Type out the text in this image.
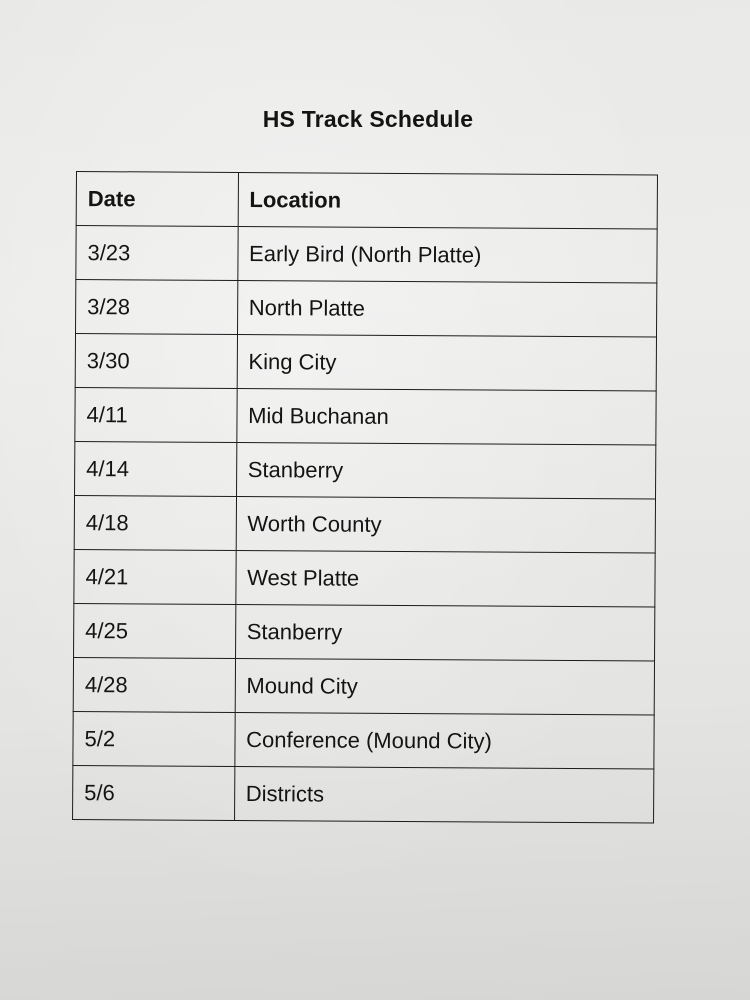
HS Track Schedule
Date	Location
3/23	Early Bird (North Platte)
3/28	North Platte
3/30	King City
4/11	Mid Buchanan
4/14	Stanberry
4/18	Worth County
4/21	West Platte
4/25	Stanberry
4/28	Mound City
5/2	Conference (Mound City)
5/6	Districts
